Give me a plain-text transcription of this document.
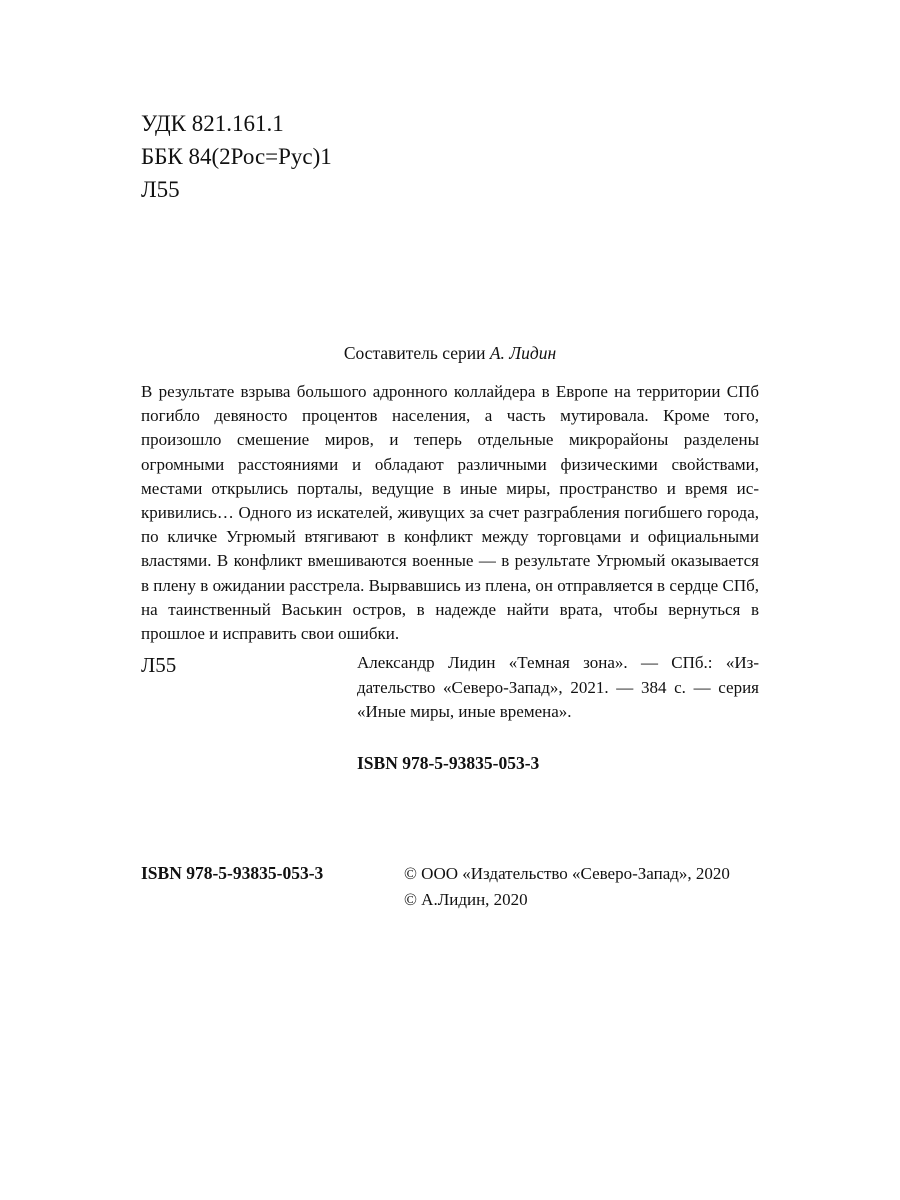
УДК 821.161.1
ББК 84(2Рос=Рус)1
Л55
Составитель серии А. Лидин
В результате взрыва большого адронного коллайдера в Европе на территории СПб погибло девяносто процентов населения, а часть мутировала. Кроме того, произошло смешение миров, и теперь отдельные микрорайоны разделены огромными расстояниями и обладают различными физическими свойствами, местами открылись порталы, ведущие в иные миры, пространство и время искривились… Одного из искателей, живущих за счет разграбления погибшего города, по кличке Угрюмый втягивают в конфликт между торговцами и официальными властями. В конфликт вмешиваются военные — в результате Угрюмый оказывается в плену в ожидании расстрела. Вырвавшись из плена, он отправляется в сердце СПб, на таинственный Васькин остров, в надежде найти врата, чтобы вернуться в прошлое и исправить свои ошибки.
Л55	Александр Лидин «Темная зона». — СПб.: «Издательство «Северо-Запад», 2021. — 384 с. — серия «Иные миры, иные времена».
ISBN 978-5-93835-053-3
ISBN 978-5-93835-053-3	© ООО «Издательство «Северо-Запад», 2020
© А.Лидин, 2020
